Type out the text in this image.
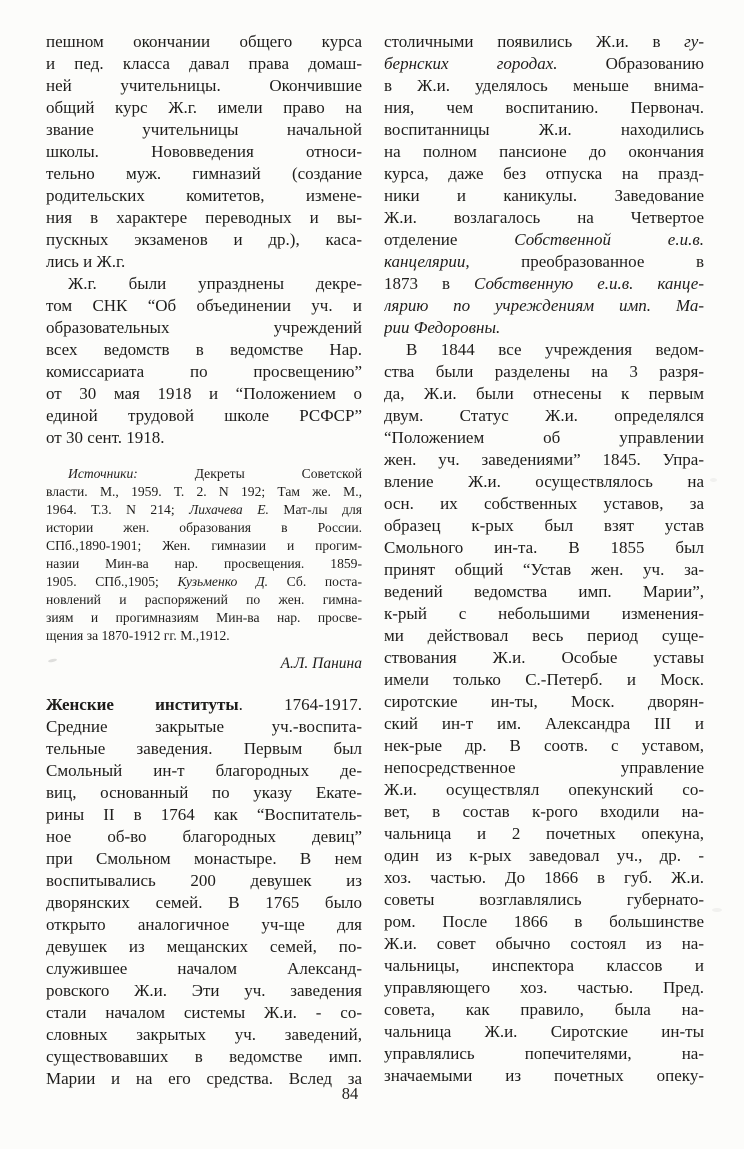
пешном окончании общего курса
и пед. класса давал права домаш-
ней учительницы. Окончившие
общий курс Ж.г. имели право на
звание учительницы начальной
школы. Нововведения относи-
тельно муж. гимназий (создание
родительских комитетов, измене-
ния в характере переводных и вы-
пускных экзаменов и др.), каса-
лись и Ж.г.
Ж.г. были упразднены декре-
том СНК “Об объединении уч. и
образовательных учреждений
всех ведомств в ведомстве Нар.
комиссариата по просвещению”
от 30 мая 1918 и “Положением о
единой трудовой школе РСФСР”
от 30 сент. 1918.
Источники: Декреты Советской
власти. М., 1959. Т. 2. N 192; Там же. М.,
1964. Т.3. N 214; Лихачева Е. Мат-лы для
истории жен. образования в России.
СПб.,1890-1901; Жен. гимназии и прогим-
назии Мин-ва нар. просвещения. 1859-
1905. СПб.,1905; Кузьменко Д. Сб. поста-
новлений и распоряжений по жен. гимна-
зиям и прогимназиям Мин-ва нар. просве-
щения за 1870-1912 гг. М.,1912.
А.Л. Панина
Женские институты. 1764-1917.
Средние закрытые уч.-воспита-
тельные заведения. Первым был
Смольный ин-т благородных де-
виц, основанный по указу Екате-
рины II в 1764 как “Воспитатель-
ное об-во благородных девиц”
при Смольном монастыре. В нем
воспитывались 200 девушек из
дворянских семей. В 1765 было
открыто аналогичное уч-ще для
девушек из мещанских семей, по-
служившее началом Александ-
ровского Ж.и. Эти уч. заведения
стали началом системы Ж.и. - со-
словных закрытых уч. заведений,
существовавших в ведомстве имп.
Марии и на его средства. Вслед за
столичными появились Ж.и. в гу-
бернских городах. Образованию
в Ж.и. уделялось меньше внима-
ния, чем воспитанию. Первонач.
воспитанницы Ж.и. находились
на полном пансионе до окончания
курса, даже без отпуска на празд-
ники и каникулы. Заведование
Ж.и. возлагалось на Четвертое
отделение Собственной е.и.в.
канцелярии, преобразованное в
1873 в Собственную е.и.в. канце-
лярию по учреждениям имп. Ма-
рии Федоровны.
В 1844 все учреждения ведом-
ства были разделены на 3 разря-
да, Ж.и. были отнесены к первым
двум. Статус Ж.и. определялся
“Положением об управлении
жен. уч. заведениями” 1845. Упра-
вление Ж.и. осуществлялось на
осн. их собственных уставов, за
образец к-рых был взят устав
Смольного ин-та. В 1855 был
принят общий “Устав жен. уч. за-
ведений ведомства имп. Марии”,
к-рый с небольшими изменения-
ми действовал весь период суще-
ствования Ж.и. Особые уставы
имели только С.-Петерб. и Моск.
сиротские ин-ты, Моск. дворян-
ский ин-т им. Александра III и
нек-рые др. В соотв. с уставом,
непосредственное управление
Ж.и. осуществлял опекунский со-
вет, в состав к-рого входили на-
чальница и 2 почетных опекуна,
один из к-рых заведовал уч., др. -
хоз. частью. До 1866 в губ. Ж.и.
советы возглавлялись губернато-
ром. После 1866 в большинстве
Ж.и. совет обычно состоял из на-
чальницы, инспектора классов и
управляющего хоз. частью. Пред.
совета, как правило, была на-
чальница Ж.и. Сиротские ин-ты
управлялись попечителями, на-
значаемыми из почетных опеку-
84
